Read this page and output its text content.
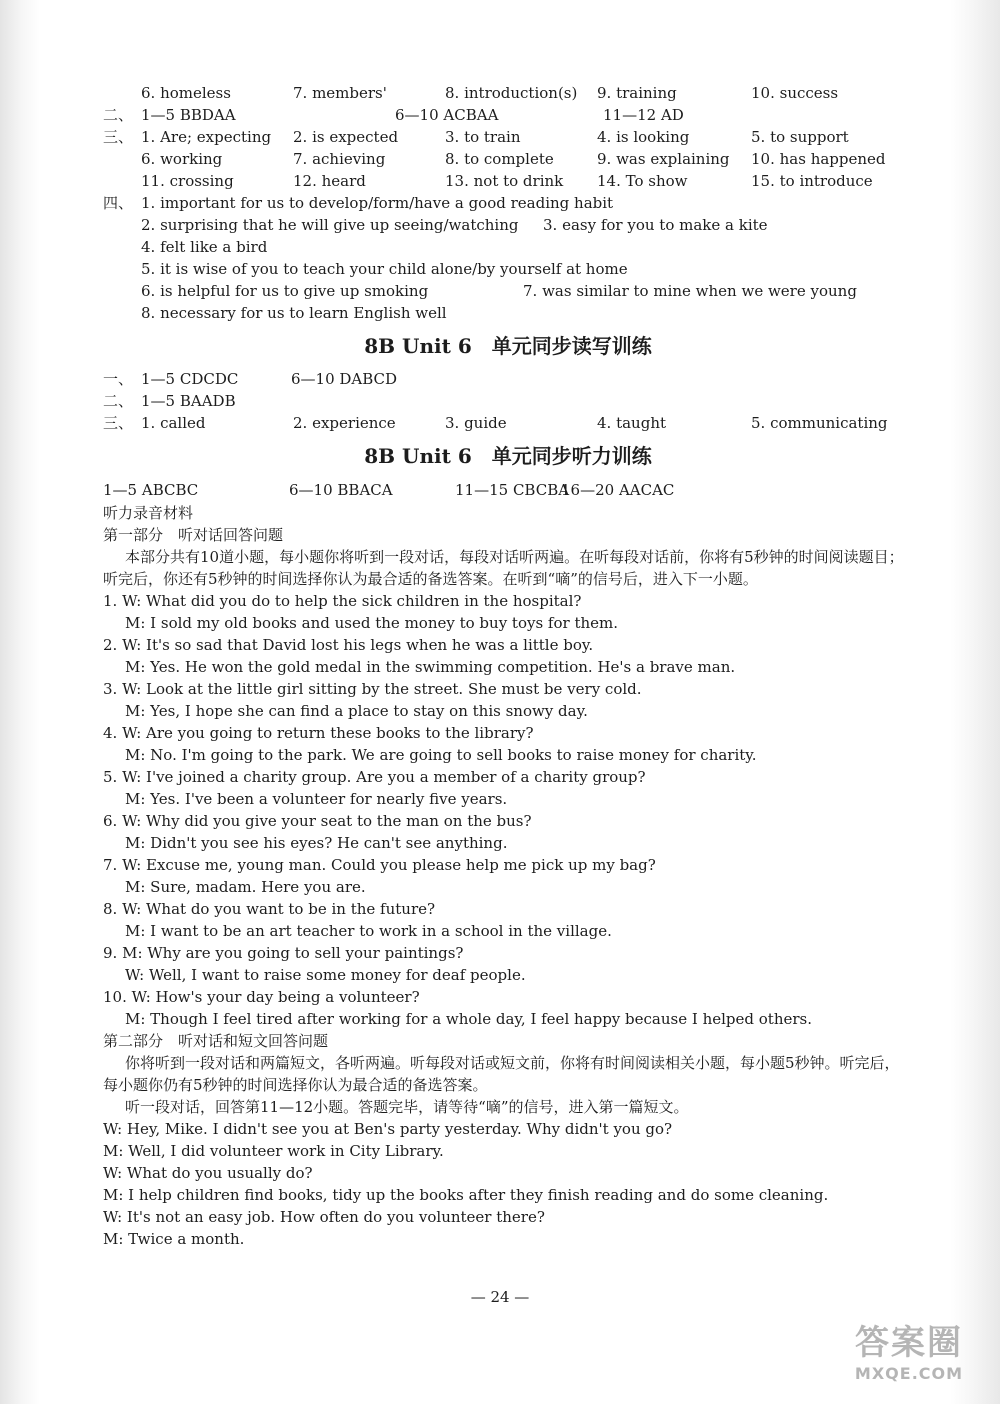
6. homeless	7. members'	8. introduction(s) 9. training	10. success
二、 1—5 BBDAA	6—10 ACBAA	11—12 AD
三、 1. Are; expecting 2. is expected	3. to train	4. is looking	5. to support
6. working	7. achieving	8. to complete	9. was explaining 10. has happened
11. crossing	12. heard	13. not to drink 14. To show	15. to introduce
四、 1. important for us to develop/form/have a good reading habit
2. surprising that he will give up seeing/watching 3. easy for you to make a kite
4. felt like a bird
5. it is wise of you to teach your child alone/by yourself at home
6. is helpful for us to give up smoking	7. was similar to mine when we were young
8. necessary for us to learn English well
8B Unit 6　单元同步读写训练
一、 1—5 CDCDC	6—10 DABCD
二、 1—5 BAADB
三、 1. called	2. experience	3. guide	4. taught	5. communicating
8B Unit 6　单元同步听力训练
1—5 ABCBC	6—10 BBACA	11—15 CBCBA
16—20 AACAC
听力录音材料
第一部分　听对话回答问题
本部分共有10道小题，每小题你将听到一段对话，每段对话听两遍。在听每段对话前，你将有5秒钟的时间阅读题目；听完后，你还有5秒钟的时间选择你认为最合适的备选答案。在听到“嘀”的信号后，进入下一小题。
1. W: What did you do to help the sick children in the hospital?
M: I sold my old books and used the money to buy toys for them.
2. W: It's so sad that David lost his legs when he was a little boy.
M: Yes. He won the gold medal in the swimming competition. He's a brave man.
3. W: Look at the little girl sitting by the street. She must be very cold.
M: Yes, I hope she can find a place to stay on this snowy day.
4. W: Are you going to return these books to the library?
M: No. I'm going to the park. We are going to sell books to raise money for charity.
5. W: I've joined a charity group. Are you a member of a charity group?
M: Yes. I've been a volunteer for nearly five years.
6. W: Why did you give your seat to the man on the bus?
M: Didn't you see his eyes? He can't see anything.
7. W: Excuse me, young man. Could you please help me pick up my bag?
M: Sure, madam. Here you are.
8. W: What do you want to be in the future?
M: I want to be an art teacher to work in a school in the village.
9. M: Why are you going to sell your paintings?
W: Well, I want to raise some money for deaf people.
10. W: How's your day being a volunteer?
M: Though I feel tired after working for a whole day, I feel happy because I helped others.
第二部分　听对话和短文回答问题
你将听到一段对话和两篇短文，各听两遍。听每段对话或短文前，你将有时间阅读相关小题，每小题5秒钟。听完后，每小题你仍有5秒钟的时间选择你认为最合适的备选答案。
听一段对话，回答第11—12小题。答题完毕，请等待“嘀”的信号，进入第一篇短文。
W: Hey, Mike. I didn't see you at Ben's party yesterday. Why didn't you go?
M: Well, I did volunteer work in City Library.
W: What do you usually do?
M: I help children find books, tidy up the books after they finish reading and do some cleaning.
W: It's not an easy job. How often do you volunteer there?
M: Twice a month.
— 24 —
答案圈
MXQE.COM
